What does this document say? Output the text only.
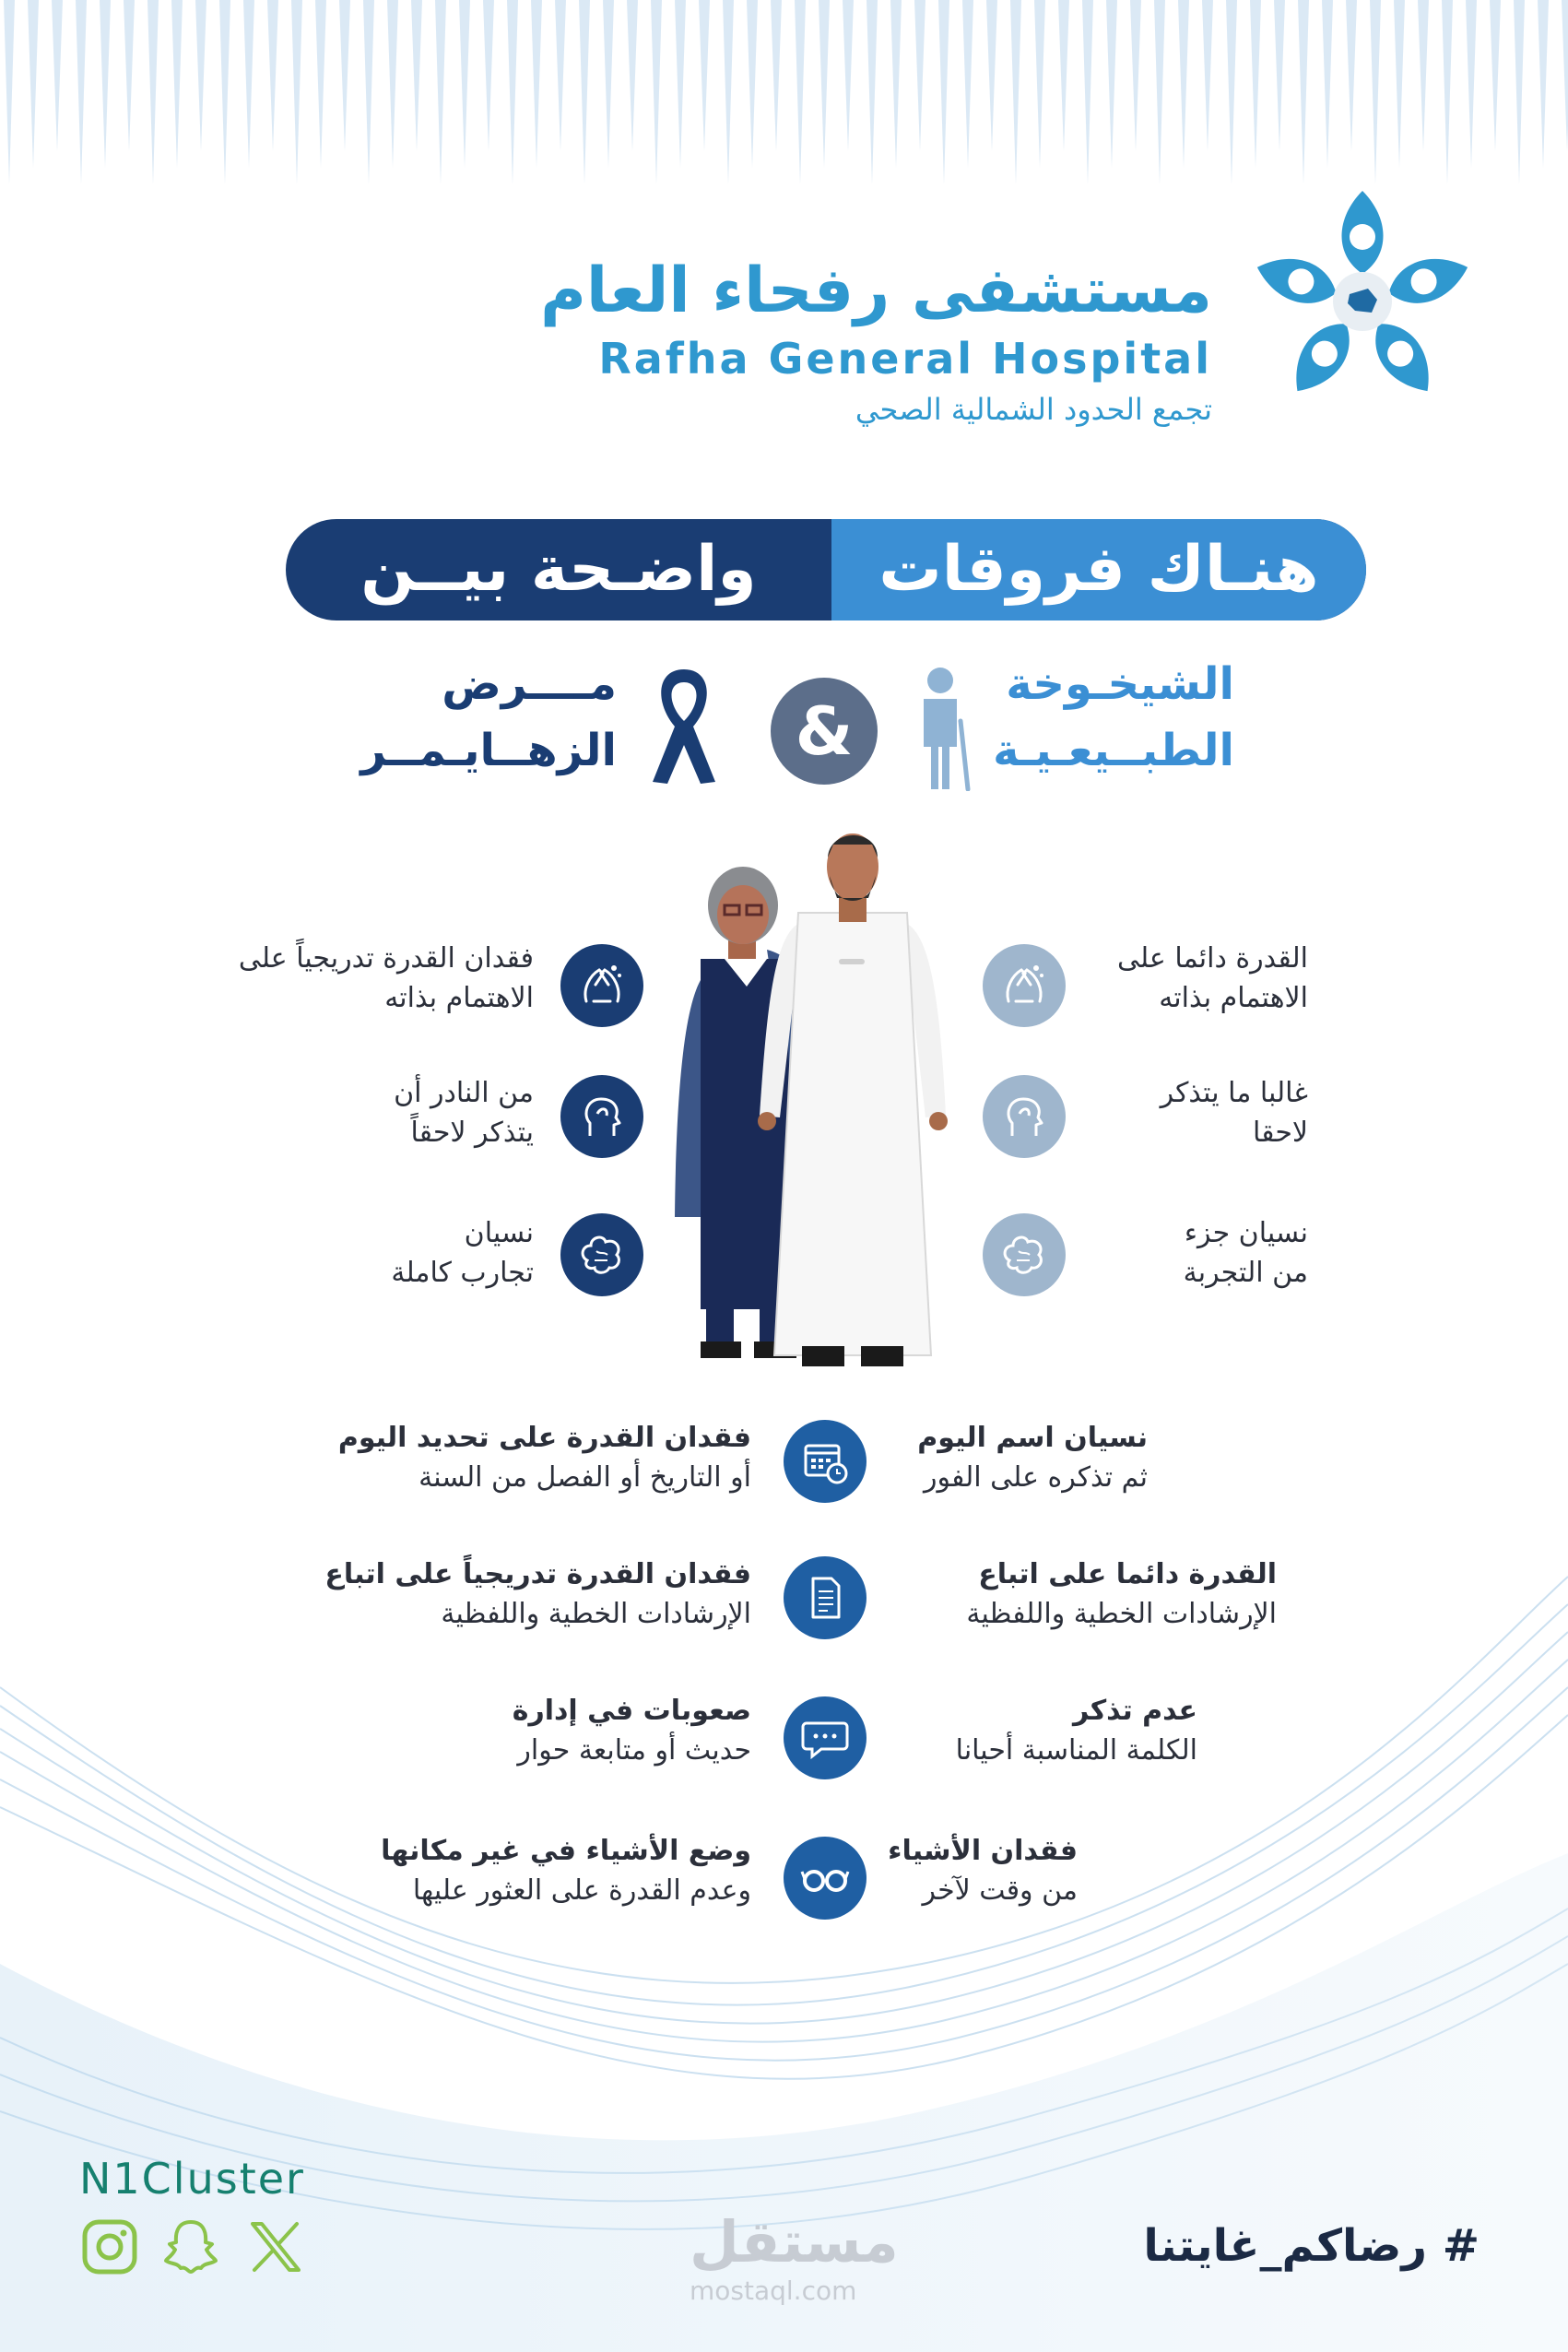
مستشفى رفحاء العام
Rafha General Hospital
تجمع الحدود الشمالية الصحي
هنـاك فروقات
واضـحة بيــن
الشيخـوخة
الطبــيعـيـة
&
مــــرض
الزهــايـمــر
القدرة دائما على
الاهتمام بذاته
فقدان القدرة تدريجياً على
الاهتمام بذاته
غالبا ما يتذكر
لاحقا
من النادر أن
يتذكر لاحقاً
نسيان جزء
من التجربة
نسيان
تجارب كاملة
نسيان اسم اليوم
ثم تذكره على الفور
فقدان القدرة على تحديد اليوم
أو التاريخ أو الفصل من السنة
القدرة دائما على اتباع
الإرشادات الخطية واللفظية
فقدان القدرة تدريجياً على اتباع
الإرشادات الخطية واللفظية
عدم تذكر
الكلمة المناسبة أحيانا
صعوبات في إدارة
حديث أو متابعة حوار
فقدان الأشياء
من وقت لآخر
وضع الأشياء في غير مكانها
وعدم القدرة على العثور عليها
N1Cluster
مستقل
mostaql.com
# رضاكم_غايتنا
